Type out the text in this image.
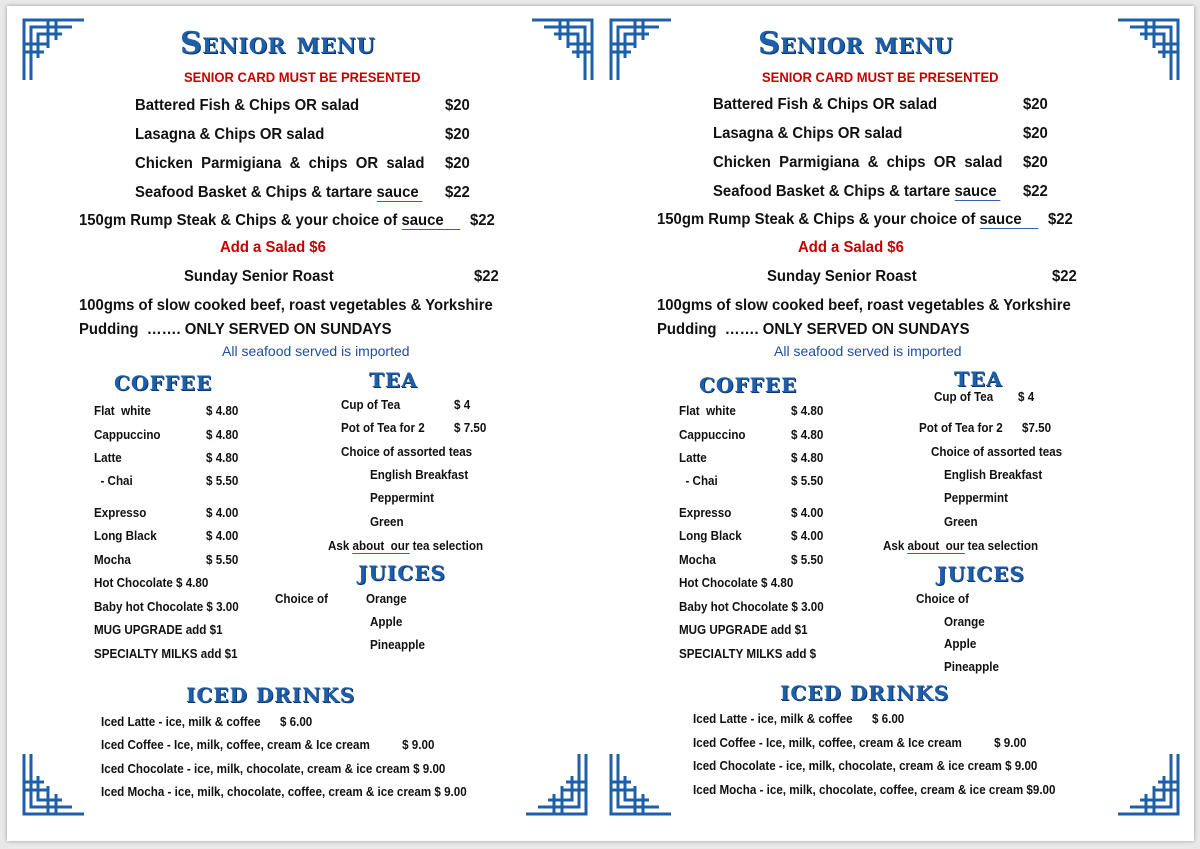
Senior menu
SENIOR CARD MUST BE PRESENTED
Battered Fish & Chips OR salad	$20
Lasagna & Chips OR salad	$20
Chicken  Parmigiana  &  chips  OR  salad $20
Seafood Basket & Chips & tartare sauce $22
150gm Rump Steak & Chips & your choice of sauce $22
Add a Salad $6
Sunday Senior Roast	$22
100gms of slow cooked beef, roast vegetables & Yorkshire
Pudding  ……. ONLY SERVED ON SUNDAYS
All seafood served is imported
COFFEE
Flat  white	$ 4.80
Cappuccino	$ 4.80
Latte	$ 4.80
- Chai	$ 5.50
Expresso	$ 4.00
Long Black	$ 4.00
Mocha	$ 5.50
Hot Chocolate $ 4.80
Baby hot Chocolate $ 3.00
MUG UPGRADE add $1
SPECIALTY MILKS add $1
TEA
Cup of Tea	$ 4
Pot of Tea for 2 $ 7.50
Choice of assorted teas
English Breakfast
Peppermint
Green
Ask about  our tea selection
JUICES
Choice of	Orange
Apple
Pineapple
ICED DRINKS
Iced Latte - ice, milk & coffee      $ 6.00
Iced Coffee - Ice, milk, coffee, cream & Ice cream          $ 9.00
Iced Chocolate - ice, milk, chocolate, cream & ice cream $ 9.00
Iced Mocha - ice, milk, chocolate, coffee, cream & ice cream $ 9.00
Senior menu
SENIOR CARD MUST BE PRESENTED
Battered Fish & Chips OR salad	$20
Lasagna & Chips OR salad	$20
Chicken  Parmigiana  &  chips  OR  salad $20
Seafood Basket & Chips & tartare sauce $22
150gm Rump Steak & Chips & your choice of sauce $22
Add a Salad $6
Sunday Senior Roast	$22
100gms of slow cooked beef, roast vegetables & Yorkshire
Pudding  ……. ONLY SERVED ON SUNDAYS
All seafood served is imported
COFFEE
Flat  white	$ 4.80
Cappuccino	$ 4.80
Latte	$ 4.80
- Chai	$ 5.50
Expresso	$ 4.00
Long Black	$ 4.00
Mocha	$ 5.50
Hot Chocolate $ 4.80
Baby hot Chocolate $ 3.00
MUG UPGRADE add $1
SPECIALTY MILKS add $
TEA
Cup of Tea $ 4
Pot of Tea for 2 $7.50
Choice of assorted teas
English Breakfast
Peppermint
Green
Ask about  our tea selection
JUICES
Choice of
Orange
Apple
Pineapple
ICED DRINKS
Iced Latte - ice, milk & coffee      $ 6.00
Iced Coffee - Ice, milk, coffee, cream & Ice cream          $ 9.00
Iced Chocolate - ice, milk, chocolate, cream & ice cream $ 9.00
Iced Mocha - ice, milk, chocolate, coffee, cream & ice cream $9.00
